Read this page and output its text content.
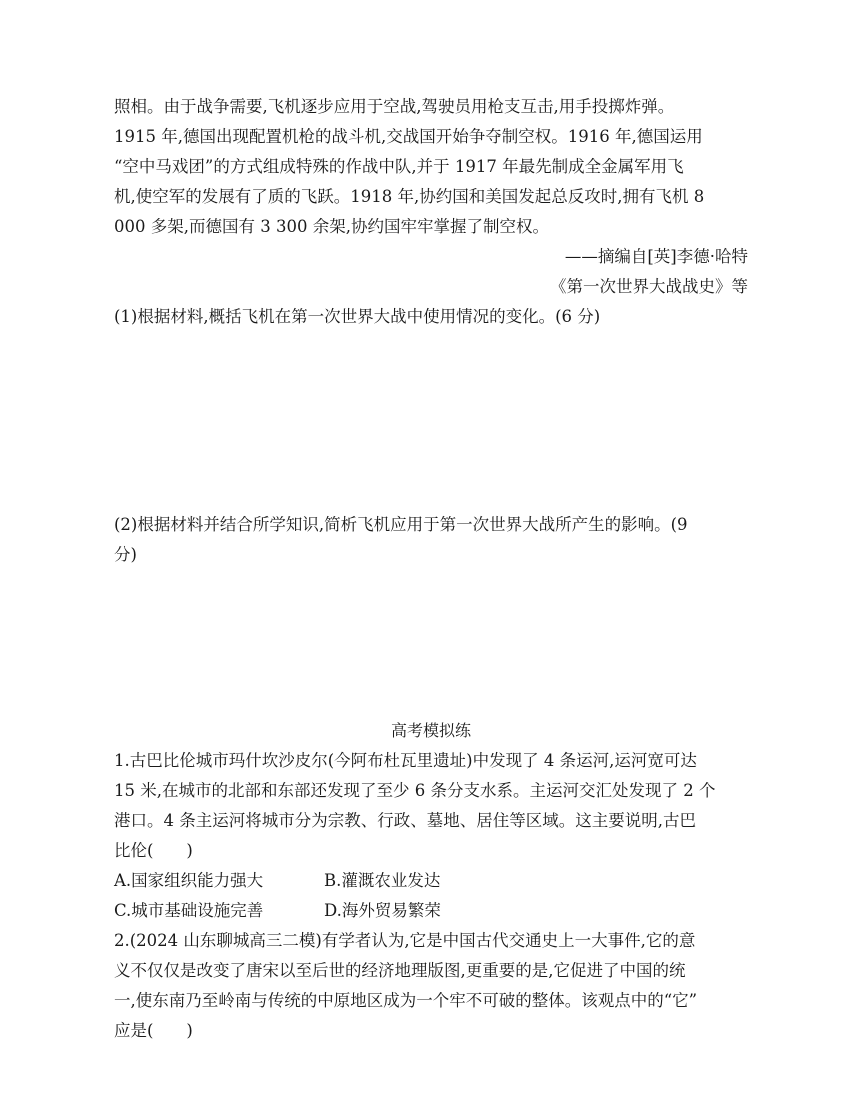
照相。由于战争需要,飞机逐步应用于空战,驾驶员用枪支互击,用手投掷炸弹。
1915 年,德国出现配置机枪的战斗机,交战国开始争夺制空权。1916 年,德国运用
“空中马戏团”的方式组成特殊的作战中队,并于 1917 年最先制成全金属军用飞
机,使空军的发展有了质的飞跃。1918 年,协约国和美国发起总反攻时,拥有飞机 8
000 多架,而德国有 3 300 余架,协约国牢牢掌握了制空权。
——摘编自[英]李德·哈特
《第一次世界大战战史》等
(1)根据材料,概括飞机在第一次世界大战中使用情况的变化。(6 分)
(2)根据材料并结合所学知识,简析飞机应用于第一次世界大战所产生的影响。(9
分)
高考模拟练
1.古巴比伦城市玛什坎沙皮尔(今阿布杜瓦里遗址)中发现了 4 条运河,运河宽可达
15 米,在城市的北部和东部还发现了至少 6 条分支水系。主运河交汇处发现了 2 个
港口。4 条主运河将城市分为宗教、行政、墓地、居住等区域。这主要说明,古巴
比伦(　　)
A.国家组织能力强大	B.灌溉农业发达
C.城市基础设施完善	D.海外贸易繁荣
2.(2024 山东聊城高三二模)有学者认为,它是中国古代交通史上一大事件,它的意
义不仅仅是改变了唐宋以至后世的经济地理版图,更重要的是,它促进了中国的统
一,使东南乃至岭南与传统的中原地区成为一个牢不可破的整体。该观点中的“它”
应是(　　)
